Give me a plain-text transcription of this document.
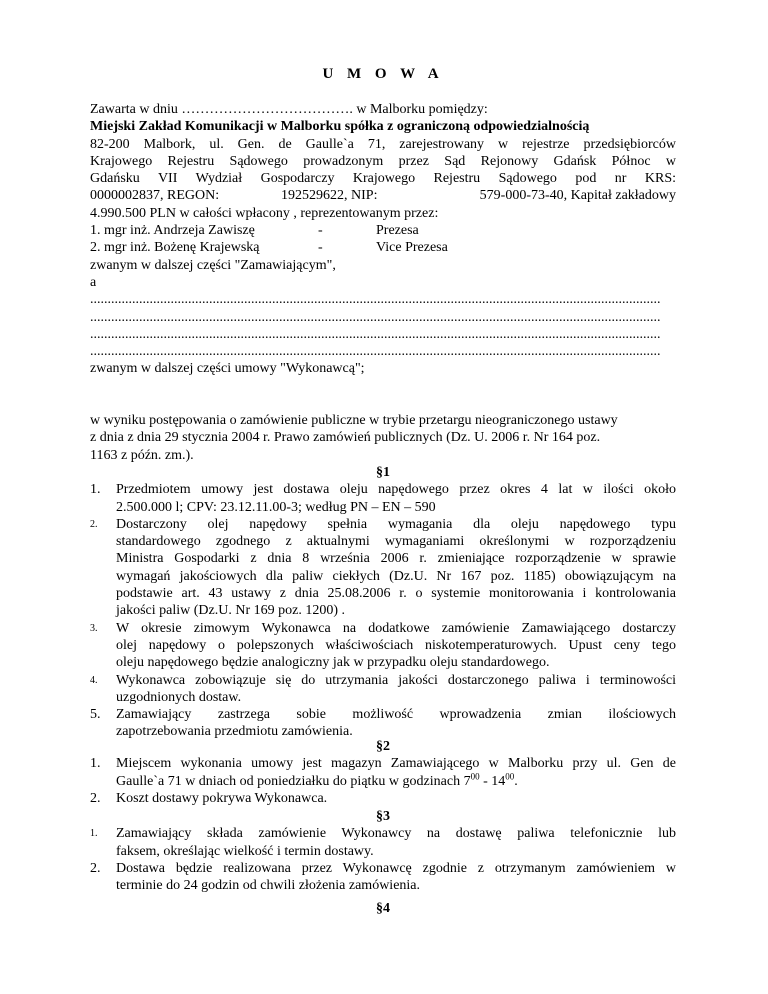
U M O W A
Zawarta w dniu ………………………………. w Malborku pomiędzy:
Miejski Zakład Komunikacji w Malborku spółka z ograniczoną odpowiedzialnością
82-200 Malbork, ul. Gen. de Gaulle`a 71, zarejestrowany w rejestrze przedsiębiorców
Krajowego Rejestru Sądowego prowadzonym przez Sąd Rejonowy Gdańsk Północ w
Gdańsku VII Wydział Gospodarczy Krajowego Rejestru Sądowego pod nr KRS:
0000002837, REGON:	192529622, NIP:	579-000-73-40, Kapitał zakładowy
4.990.500 PLN w całości wpłacony , reprezentowanym przez:
1. mgr inż. Andrzeja Zawiszę	-	Prezesa
2. mgr inż. Bożenę Krajewską	-	Vice Prezesa
zwanym w dalszej części "Zamawiającym",
a
...................................................................................................................................................................
...................................................................................................................................................................
...................................................................................................................................................................
...................................................................................................................................................................
zwanym w dalszej części umowy "Wykonawcą";
w wyniku postępowania o zamówienie publiczne w trybie przetargu nieograniczonego ustawy
z dnia z dnia 29 stycznia 2004 r. Prawo zamówień publicznych (Dz. U. 2006 r. Nr 164 poz.
1163 z późn. zm.).
§1
1. Przedmiotem umowy jest dostawa oleju napędowego przez okres 4 lat w ilości około
2.500.000 l; CPV: 23.12.11.00-3; według PN – EN – 590
2. Dostarczony olej napędowy spełnia wymagania dla oleju napędowego typu
standardowego zgodnego z aktualnymi wymaganiami określonymi w rozporządzeniu
Ministra Gospodarki z dnia 8 września 2006 r. zmieniające rozporządzenie w sprawie
wymagań jakościowych dla paliw ciekłych (Dz.U. Nr 167 poz. 1185) obowiązującym na
podstawie art. 43 ustawy z dnia 25.08.2006 r. o systemie monitorowania i kontrolowania
jakości paliw (Dz.U. Nr 169 poz. 1200) .
3. W okresie zimowym Wykonawca na dodatkowe zamówienie Zamawiającego dostarczy
olej napędowy o polepszonych właściwościach niskotemperaturowych. Upust ceny tego
oleju napędowego będzie analogiczny jak w przypadku oleju standardowego.
4. Wykonawca zobowiązuje się do utrzymania jakości dostarczonego paliwa i terminowości
uzgodnionych dostaw.
5. Zamawiający zastrzega sobie możliwość wprowadzenia zmian ilościowych
zapotrzebowania przedmiotu zamówienia.
§2
1. Miejscem wykonania umowy jest magazyn Zamawiającego w Malborku przy ul. Gen de
Gaulle`a 71 w dniach od poniedziałku do piątku w godzinach $7^{00} - 14^{00}$.
2. Koszt dostawy pokrywa Wykonawca.
§3
1. Zamawiający składa zamówienie Wykonawcy na dostawę paliwa telefonicznie lub
faksem, określając wielkość i termin dostawy.
2. Dostawa będzie realizowana przez Wykonawcę zgodnie z otrzymanym zamówieniem w
terminie do 24 godzin od chwili złożenia zamówienia.
§4
